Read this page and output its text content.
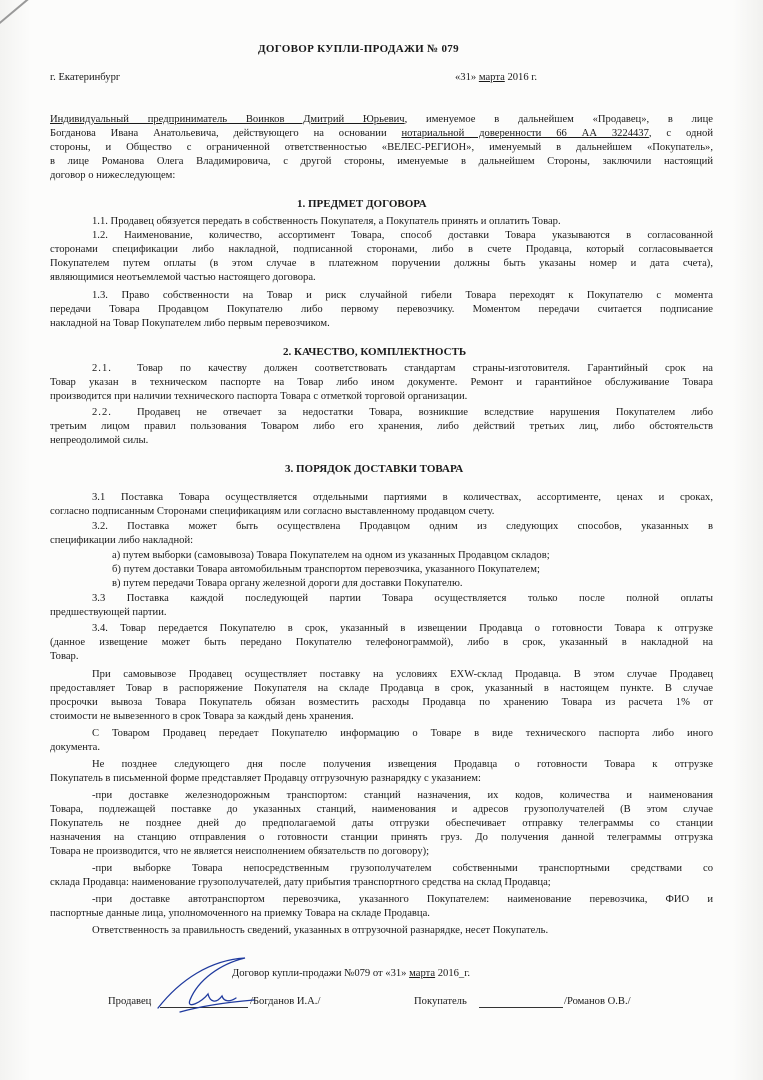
ДОГОВОР КУПЛИ-ПРОДАЖИ № 079
г. Екатеринбург	«31» марта 2016 г.
Индивидуальный предприниматель Воинков Дмитрий Юрьевич, именуемое в дальнейшем «Продавец», в лице
Богданова Ивана Анатольевича, действующего на основании нотариальной доверенности 66 АА 3224437, с одной
стороны, и Общество с ограниченной ответственностью «ВЕЛЕС-РЕГИОН», именуемый в дальнейшем «Покупатель»,
в лице Романова Олега Владимировича, с другой стороны, именуемые в дальнейшем Стороны, заключили настоящий
договор о нижеследующем:
1. ПРЕДМЕТ ДОГОВОРА
1.1. Продавец обязуется передать в собственность Покупателя, а Покупатель принять и оплатить Товар.
1.2. Наименование, количество, ассортимент Товара, способ доставки Товара указываются в согласованной
сторонами спецификации либо накладной, подписанной сторонами, либо в счете Продавца, который согласовывается
Покупателем путем оплаты (в этом случае в платежном поручении должны быть указаны номер и дата счета),
являющимися неотъемлемой частью настоящего договора.
1.3. Право собственности на Товар и риск случайной гибели Товара переходят к Покупателю с момента
передачи Товара Продавцом Покупателю либо первому перевозчику. Моментом передачи считается подписание
накладной на Товар Покупателем либо первым перевозчиком.
2. КАЧЕСТВО, КОМПЛЕКТНОСТЬ
2.1. Товар по качеству должен соответствовать стандартам страны-изготовителя. Гарантийный срок на
Товар указан в техническом паспорте на Товар либо ином документе. Ремонт и гарантийное обслуживание Товара
производится при наличии технического паспорта Товара с отметкой торговой организации.
2.2. Продавец не отвечает за недостатки Товара, возникшие вследствие нарушения Покупателем либо
третьим лицом правил пользования Товаром либо его хранения, либо действий третьих лиц, либо обстоятельств
непреодолимой силы.
3. ПОРЯДОК ДОСТАВКИ ТОВАРА
3.1 Поставка Товара осуществляется отдельными партиями в количествах, ассортименте, ценах и сроках,
согласно подписанным Сторонами спецификациям или согласно выставленному продавцом счету.
3.2. Поставка может быть осуществлена Продавцом одним из следующих способов, указанных в
спецификации либо накладной:
а) путем выборки (самовывоза) Товара Покупателем на одном из указанных Продавцом складов;
б) путем доставки Товара автомобильным транспортом перевозчика, указанного Покупателем;
в) путем передачи Товара органу железной дороги для доставки Покупателю.
3.3 Поставка каждой последующей партии Товара осуществляется только после полной оплаты
предшествующей партии.
3.4. Товар передается Покупателю в срок, указанный в извещении Продавца о готовности Товара к отгрузке
(данное извещение может быть передано Покупателю телефонограммой), либо в срок, указанный в накладной на
Товар.
При самовывозе Продавец осуществляет поставку на условиях EXW-склад Продавца. В этом случае Продавец
предоставляет Товар в распоряжение Покупателя на складе Продавца в срок, указанный в настоящем пункте. В случае
просрочки вывоза Товара Покупатель обязан возместить расходы Продавца по хранению Товара из расчета 1% от
стоимости не вывезенного в срок Товара за каждый день хранения.
С Товаром Продавец передает Покупателю информацию о Товаре в виде технического паспорта либо иного
документа.
Не позднее следующего дня после получения извещения Продавца о готовности Товара к отгрузке
Покупатель в письменной форме представляет Продавцу отгрузочную разнарядку с указанием:
-при доставке железнодорожным транспортом: станций назначения, их кодов, количества и наименования
Товара, подлежащей поставке до указанных станций, наименования и адресов грузополучателей (В этом случае
Покупатель не позднее дней до предполагаемой даты отгрузки обеспечивает отправку телеграммы со станции
назначения на станцию отправления о готовности станции принять груз. До получения данной телеграммы отгрузка
Товара не производится, что не является неисполнением обязательств по договору);
-при выборке Товара непосредственным грузополучателем собственными транспортными средствами со
склада Продавца: наименование грузополучателей, дату прибытия транспортного средства на склад Продавца;
-при доставке автотранспортом перевозчика, указанного Покупателем: наименование перевозчика, ФИО и
паспортные данные лица, уполномоченного на приемку Товара на складе Продавца.
Ответственность за правильность сведений, указанных в отгрузочной разнарядке, несет Покупатель.
Договор купли-продажи №079 от «31» марта 2016_г.
Продавец	/Богданов И.А./	Покупатель	/Романов О.В./
